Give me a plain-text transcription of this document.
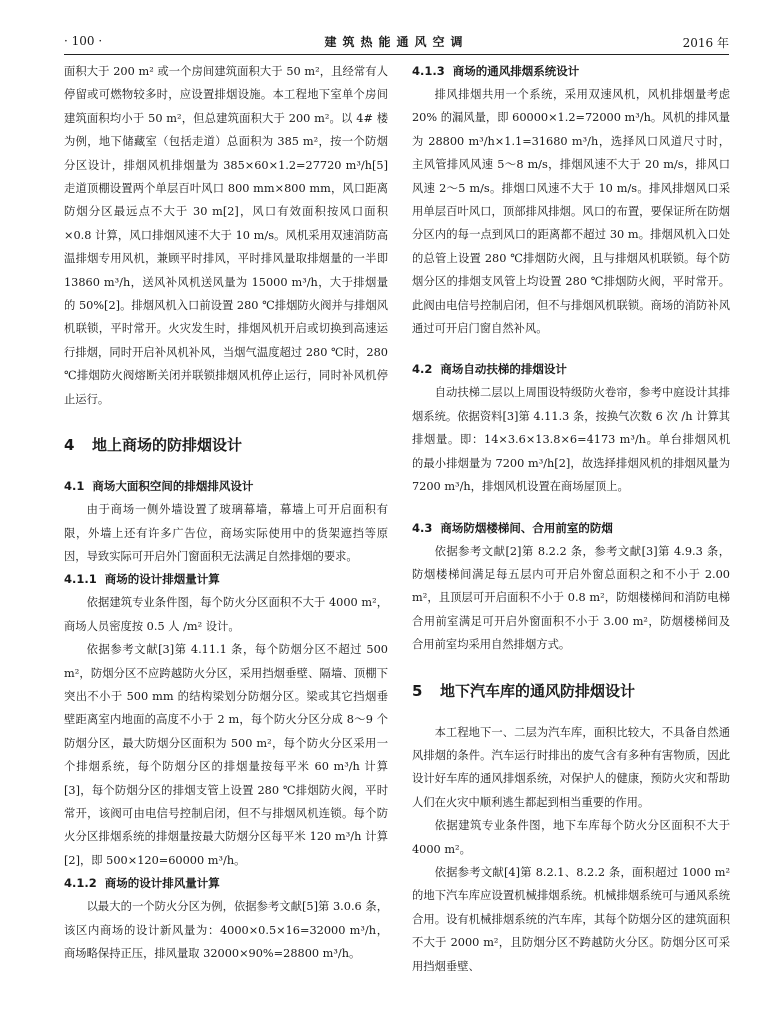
· 100 ·	建筑热能通风空调	2016 年

面积大于 200 m² 或一个房间建筑面积大于 50 m²，且经常有人停留或可燃物较多时，应设置排烟设施。本工程地下室单个房间建筑面积均小于 50 m²，但总建筑面积大于 200 m²。以 4# 楼为例，地下储藏室（包括走道）总面积为 385 m²，按一个防烟分区设计，排烟风机排烟量为 385×60×1.2=27720 m³/h[5]走道顶棚设置两个单层百叶风口 800 mm×800 mm，风口距离防烟分区最远点不大于 30 m[2]，风口有效面积按风口面积×0.8 计算，风口排烟风速不大于 10 m/s。风机采用双速消防高温排烟专用风机，兼顾平时排风，平时排风量取排烟量的一半即 13860 m³/h，送风补风机送风量为 15000 m³/h，大于排烟量的 50%[2]。排烟风机入口前设置 280 ℃排烟防火阀并与排烟风机联锁，平时常开。火灾发生时，排烟风机开启或切换到高速运行排烟，同时开启补风机补风，当烟气温度超过 280 ℃时，280 ℃排烟防火阀熔断关闭并联锁排烟风机停止运行，同时补风机停止运行。

4 地上商场的防排烟设计
4.1 商场大面积空间的排烟排风设计

由于商场一侧外墙设置了玻璃幕墙，幕墙上可开启面积有限，外墙上还有许多广告位，商场实际使用中的货架遮挡等原因，导致实际可开启外门窗面积无法满足自然排烟的要求。

4.1.1 商场的设计排烟量计算

依据建筑专业条件图，每个防火分区面积不大于 4000 m²，商场人员密度按 0.5 人 /m² 设计。

依据参考文献[3]第 4.11.1 条，每个防烟分区不超过 500 m²，防烟分区不应跨越防火分区，采用挡烟垂壁、隔墙、顶棚下突出不小于 500 mm 的结构梁划分防烟分区。梁或其它挡烟垂壁距离室内地面的高度不小于 2 m，每个防火分区分成 8～9 个防烟分区，最大防烟分区面积为 500 m²，每个防火分区采用一个排烟系统，每个防烟分区的排烟量按每平米 60 m³/h 计算[3]，每个防烟分区的排烟支管上设置 280 ℃排烟防火阀，平时常开，该阀可由电信号控制启闭，但不与排烟风机连锁。每个防火分区排烟系统的排烟量按最大防烟分区每平米 120 m³/h 计算[2]，即 500×120=60000 m³/h。

4.1.2 商场的设计排风量计算

以最大的一个防火分区为例，依据参考文献[5]第 3.0.6 条，该区内商场的设计新风量为：4000×0.5×16=32000 m³/h，商场略保持正压，排风量取 32000×90%=28800 m³/h。

4.1.3 商场的通风排烟系统设计

排风排烟共用一个系统，采用双速风机，风机排烟量考虑 20% 的漏风量，即 60000×1.2=72000 m³/h。风机的排风量为 28800 m³/h×1.1=31680 m³/h，选择风口风道尺寸时，主风管排风风速 5～8 m/s，排烟风速不大于 20 m/s，排风口风速 2～5 m/s。排烟口风速不大于 10 m/s。排风排烟风口采用单层百叶风口，顶部排风排烟。风口的布置，要保证所在防烟分区内的每一点到风口的距离都不超过 30 m。排烟风机入口处的总管上设置 280 ℃排烟防火阀，且与排烟风机联锁。每个防烟分区的排烟支风管上均设置 280 ℃排烟防火阀，平时常开。此阀由电信号控制启闭，但不与排烟风机联锁。商场的消防补风通过可开启门窗自然补风。

4.2 商场自动扶梯的排烟设计

自动扶梯二层以上周围设特级防火卷帘，参考中庭设计其排烟系统。依据资料[3]第 4.11.3 条，按换气次数 6 次 /h 计算其排烟量。即：14×3.6×13.8×6=4173 m³/h。单台排烟风机的最小排烟量为 7200 m³/h[2]，故选择排烟风机的排烟风量为 7200 m³/h，排烟风机设置在商场屋顶上。

4.3 商场防烟楼梯间、合用前室的防烟

依据参考文献[2]第 8.2.2 条，参考文献[3]第 4.9.3 条，防烟楼梯间满足每五层内可开启外窗总面积之和不小于 2.00 m²，且顶层可开启面积不小于 0.8 m²，防烟楼梯间和消防电梯合用前室满足可开启外窗面积不小于 3.00 m²，防烟楼梯间及合用前室均采用自然排烟方式。

5 地下汽车库的通风防排烟设计

本工程地下一、二层为汽车库，面积比较大，不具备自然通风排烟的条件。汽车运行时排出的废气含有多种有害物质，因此设计好车库的通风排烟系统，对保护人的健康，预防火灾和帮助人们在火灾中顺利逃生都起到相当重要的作用。

依据建筑专业条件图，地下车库每个防火分区面积不大于 4000 m²。

依据参考文献[4]第 8.2.1、8.2.2 条，面积超过 1000 m² 的地下汽车库应设置机械排烟系统。机械排烟系统可与通风系统合用。设有机械排烟系统的汽车库，其每个防烟分区的建筑面积不大于 2000 m²，且防烟分区不跨越防火分区。防烟分区可采用挡烟垂壁、
